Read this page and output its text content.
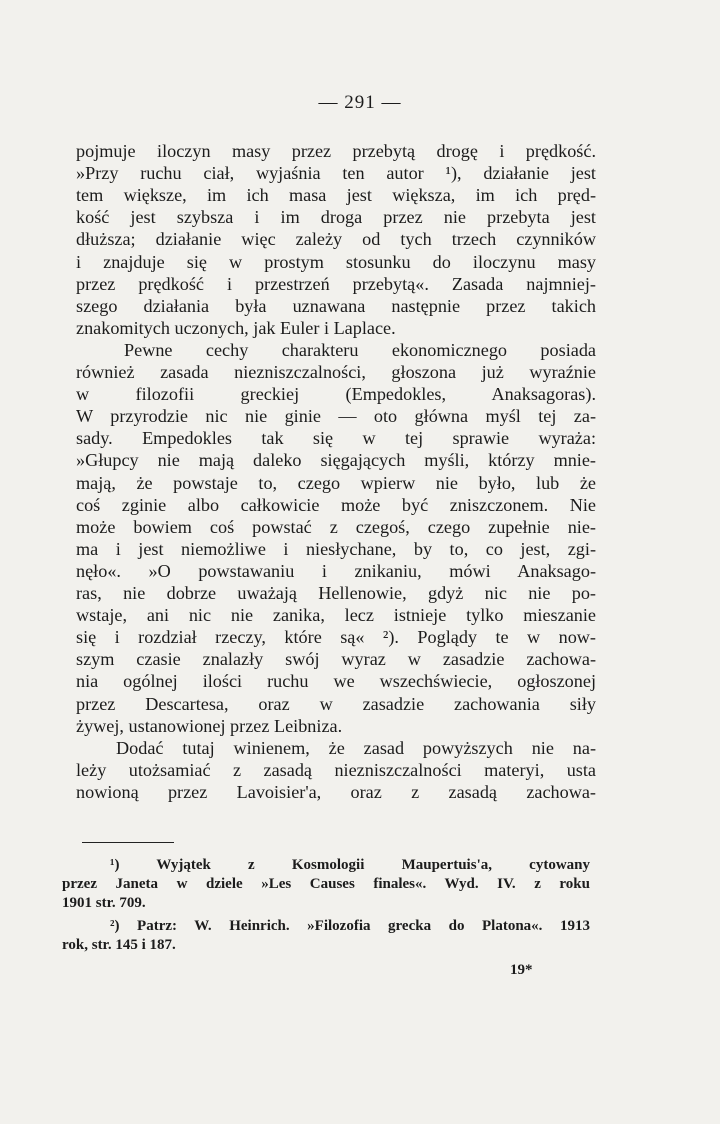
— 291 —
pojmuje iloczyn masy przez przebytą drogę i prędkość.
»Przy ruchu ciał, wyjaśnia ten autor ¹), działanie jest
tem większe, im ich masa jest większa, im ich pręd-
kość jest szybsza i im droga przez nie przebyta jest
dłuższa; działanie więc zależy od tych trzech czynników
i znajduje się w prostym stosunku do iloczynu masy
przez prędkość i przestrzeń przebytą«. Zasada najmniej-
szego działania była uznawana następnie przez takich
znakomitych uczonych, jak Euler i Laplace.
Pewne cechy charakteru ekonomicznego posiada
również zasada niezniszczalności, głoszona już wyraźnie
w filozofii greckiej (Empedokles, Anaksagoras).
W przyrodzie nic nie ginie — oto główna myśl tej za-
sady. Empedokles tak się w tej sprawie wyraża:
»Głupcy nie mają daleko sięgających myśli, którzy mnie-
mają, że powstaje to, czego wpierw nie było, lub że
coś zginie albo całkowicie może być zniszczonem. Nie
może bowiem coś powstać z czegoś, czego zupełnie nie-
ma i jest niemożliwe i niesłychane, by to, co jest, zgi-
nęło«. »O powstawaniu i znikaniu, mówi Anaksago-
ras, nie dobrze uważają Hellenowie, gdyż nic nie po-
wstaje, ani nic nie zanika, lecz istnieje tylko mieszanie
się i rozdział rzeczy, które są« ²). Poglądy te w now-
szym czasie znalazły swój wyraz w zasadzie zachowa-
nia ogólnej ilości ruchu we wszechświecie, ogłoszonej
przez Descartesa, oraz w zasadzie zachowania siły
żywej, ustanowionej przez Leibniza.
Dodać tutaj winienem, że zasad powyższych nie na-
leży utożsamiać z zasadą niezniszczalności materyi, usta
nowioną przez Lavoisier'a, oraz z zasadą zachowa-
¹) Wyjątek z Kosmologii Maupertuis'a, cytowany
przez Janeta w dziele »Les Causes finales«. Wyd. IV. z roku
1901 str. 709.
²) Patrz: W. Heinrich. »Filozofia grecka do Platona«. 1913
rok, str. 145 i 187.
19*
